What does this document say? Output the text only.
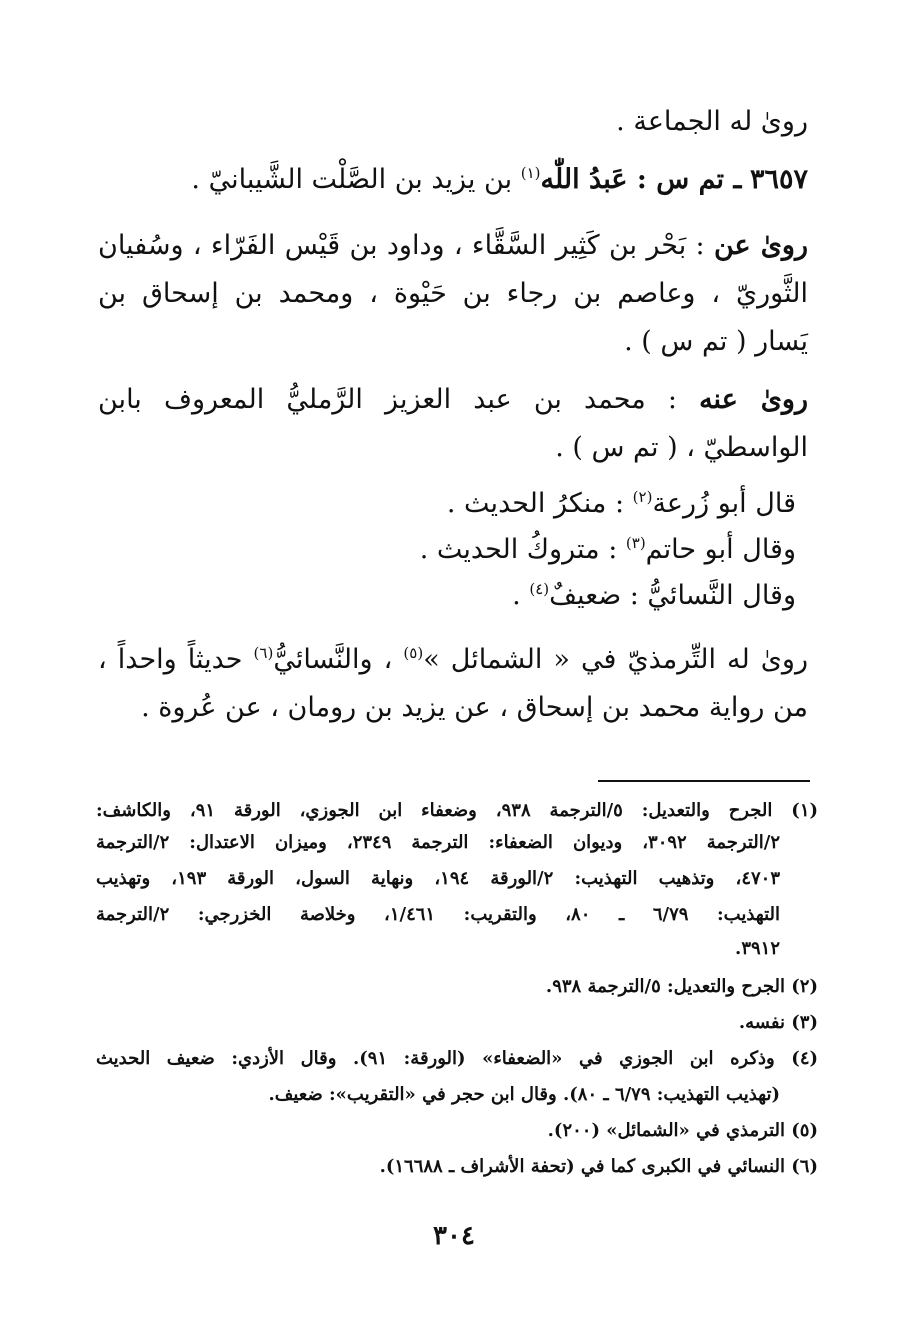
روىٰ له الجماعة .
٣٦٥٧ ـ تم س : عَبدُ اللّٰه$^{(١)}$ بن يزيد بن الصَّلْت الشَّيبانيّ .
روىٰ عن : بَحْر بن كَثِير السَّقَّاء ، وداود بن قَيْس الفَرّاء ، وسُفيان
الثَّوريّ ، وعاصم بن رجاء بن حَيْوة ، ومحمد بن إسحاق بن
يَسار ( تم س ) .
روىٰ عنه : محمد بن عبد العزيز الرَّمليُّ المعروف بابن
الواسطيّ ، ( تم س ) .
قال أبو زُرعة$^{(٢)}$ : منكرُ الحديث .
وقال أبو حاتم$^{(٣)}$ : متروكُ الحديث .
وقال النَّسائيُّ : ضعيفٌ$^{(٤)}$ .
روىٰ له التِّرمذيّ في « الشمائل »$^{(٥)}$ ، والنَّسائيُّ$^{(٦)}$ حديثاً واحداً ،
من رواية محمد بن إسحاق ، عن يزيد بن رومان ، عن عُروة .
(١) الجرح والتعديل: ٥/الترجمة ٩٣٨، وضعفاء ابن الجوزي، الورقة ٩١، والكاشف:
٢/الترجمة ٣٠٩٢، وديوان الضعفاء: الترجمة ٢٣٤٩، وميزان الاعتدال: ٢/الترجمة
٤٧٠٣، وتذهيب التهذيب: ٢/الورقة ١٩٤، ونهاية السول، الورقة ١٩٣، وتهذيب
التهذيب: ٦/٧٩ ـ ٨٠، والتقريب: ١/٤٦١، وخلاصة الخزرجي: ٢/الترجمة
٣٩١٢.
(٢) الجرح والتعديل: ٥/الترجمة ٩٣٨.
(٣) نفسه.
(٤) وذكره ابن الجوزي في «الضعفاء» (الورقة: ٩١). وقال الأزدي: ضعيف الحديث
(تهذيب التهذيب: ٦/٧٩ ـ ٨٠). وقال ابن حجر في «التقريب»: ضعيف.
(٥) الترمذي في «الشمائل» (٢٠٠).
(٦) النسائي في الكبرى كما في (تحفة الأشراف ـ ١٦٦٨٨).
٣٠٤
